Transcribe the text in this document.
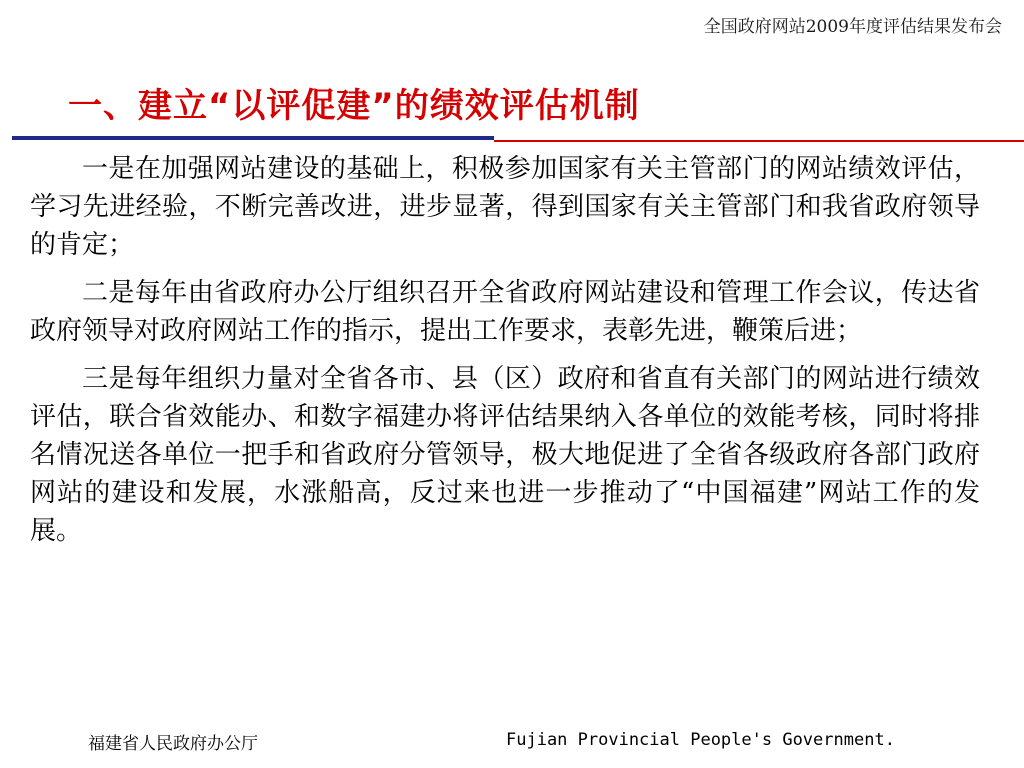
全国政府网站2009年度评估结果发布会
一、建立“以评促建”的绩效评估机制

一是在加强网站建设的基础上，积极参加国家有关主管部门的网站绩效评估，学习先进经验，不断完善改进，进步显著，得到国家有关主管部门和我省政府领导的肯定；

二是每年由省政府办公厅组织召开全省政府网站建设和管理工作会议，传达省政府领导对政府网站工作的指示，提出工作要求，表彰先进，鞭策后进；

三是每年组织力量对全省各市、县（区）政府和省直有关部门的网站进行绩效评估，联合省效能办、和数字福建办将评估结果纳入各单位的效能考核，同时将排名情况送各单位一把手和省政府分管领导，极大地促进了全省各级政府各部门政府网站的建设和发展，水涨船高，反过来也进一步推动了“中国福建”网站工作的发展。

福建省人民政府办公厅	Fujian Provincial People's Government.
